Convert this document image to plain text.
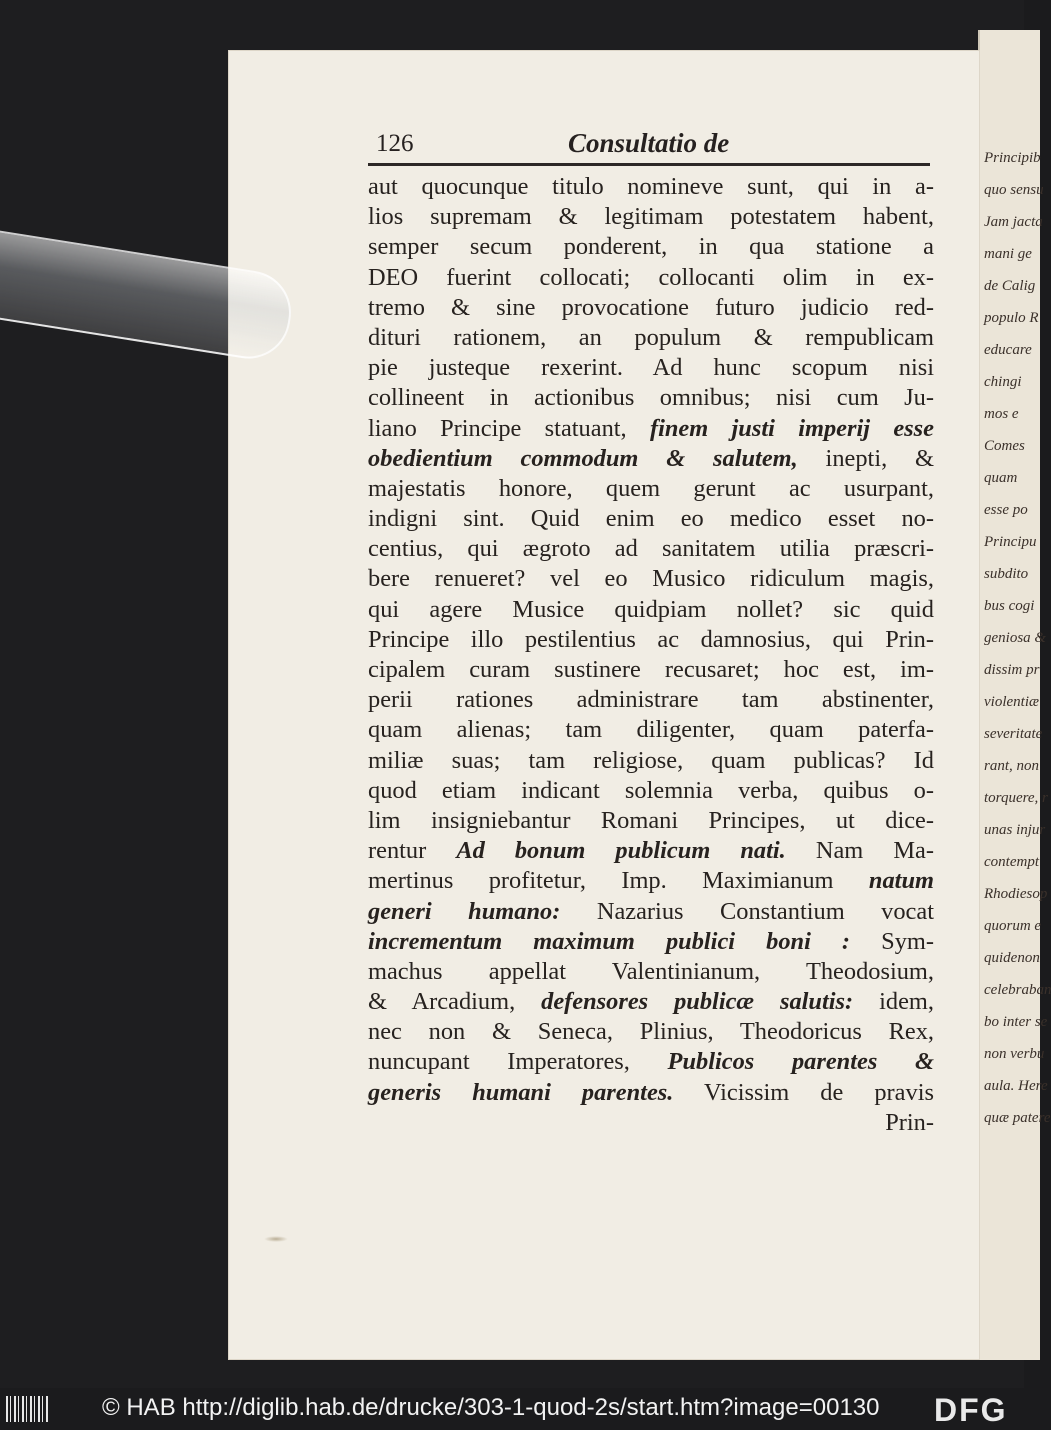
Principib
quo sensu
Jam jacta
mani ge
de Calig
populo R
educare
chingi
mos e
Comes
quam
esse po
Principu
subdito
bus cogi
geniosa &
dissim pr
violentiæ
severitate
rant, non
torquere, r
unas injur
contempt
Rhodiesop
quorum e
quidenon
celebraban
bo inter se
non verbu
aula. Here
quæ patere
126	Consultatio de
aut quocunque titulo nomineve sunt, qui in a-
lios supremam & legitimam potestatem habent,
semper secum ponderent, in qua statione a
DEO fuerint collocati; collocanti olim in ex-
tremo & sine provocatione futuro judicio red-
dituri rationem, an populum & rempublicam
pie justeque rexerint. Ad hunc scopum nisi
collineent in actionibus omnibus; nisi cum Ju-
liano Principe statuant, finem justi imperij esse
obedientium commodum & salutem, inepti, &
majestatis honore, quem gerunt ac usurpant,
indigni sint. Quid enim eo medico esset no-
centius, qui ægroto ad sanitatem utilia præscri-
bere renueret? vel eo Musico ridiculum magis,
qui agere Musice quidpiam nollet? sic quid
Principe illo pestilentius ac damnosius, qui Prin-
cipalem curam sustinere recusaret; hoc est, im-
perii rationes administrare tam abstinenter,
quam alienas; tam diligenter, quam paterfa-
miliæ suas; tam religiose, quam publicas? Id
quod etiam indicant solemnia verba, quibus o-
lim insigniebantur Romani Principes, ut dice-
rentur Ad bonum publicum nati. Nam Ma-
mertinus profitetur, Imp. Maximianum natum
generi humano: Nazarius Constantium vocat
incrementum maximum publici boni : Sym-
machus appellat Valentinianum, Theodosium,
& Arcadium, defensores publicæ salutis: idem,
nec non & Seneca, Plinius, Theodoricus Rex,
nuncupant Imperatores, Publicos parentes &
generis humani parentes. Vicissim de pravis
Prin-
© HAB http://diglib.hab.de/drucke/303-1-quod-2s/start.htm?image=00130 DFG
